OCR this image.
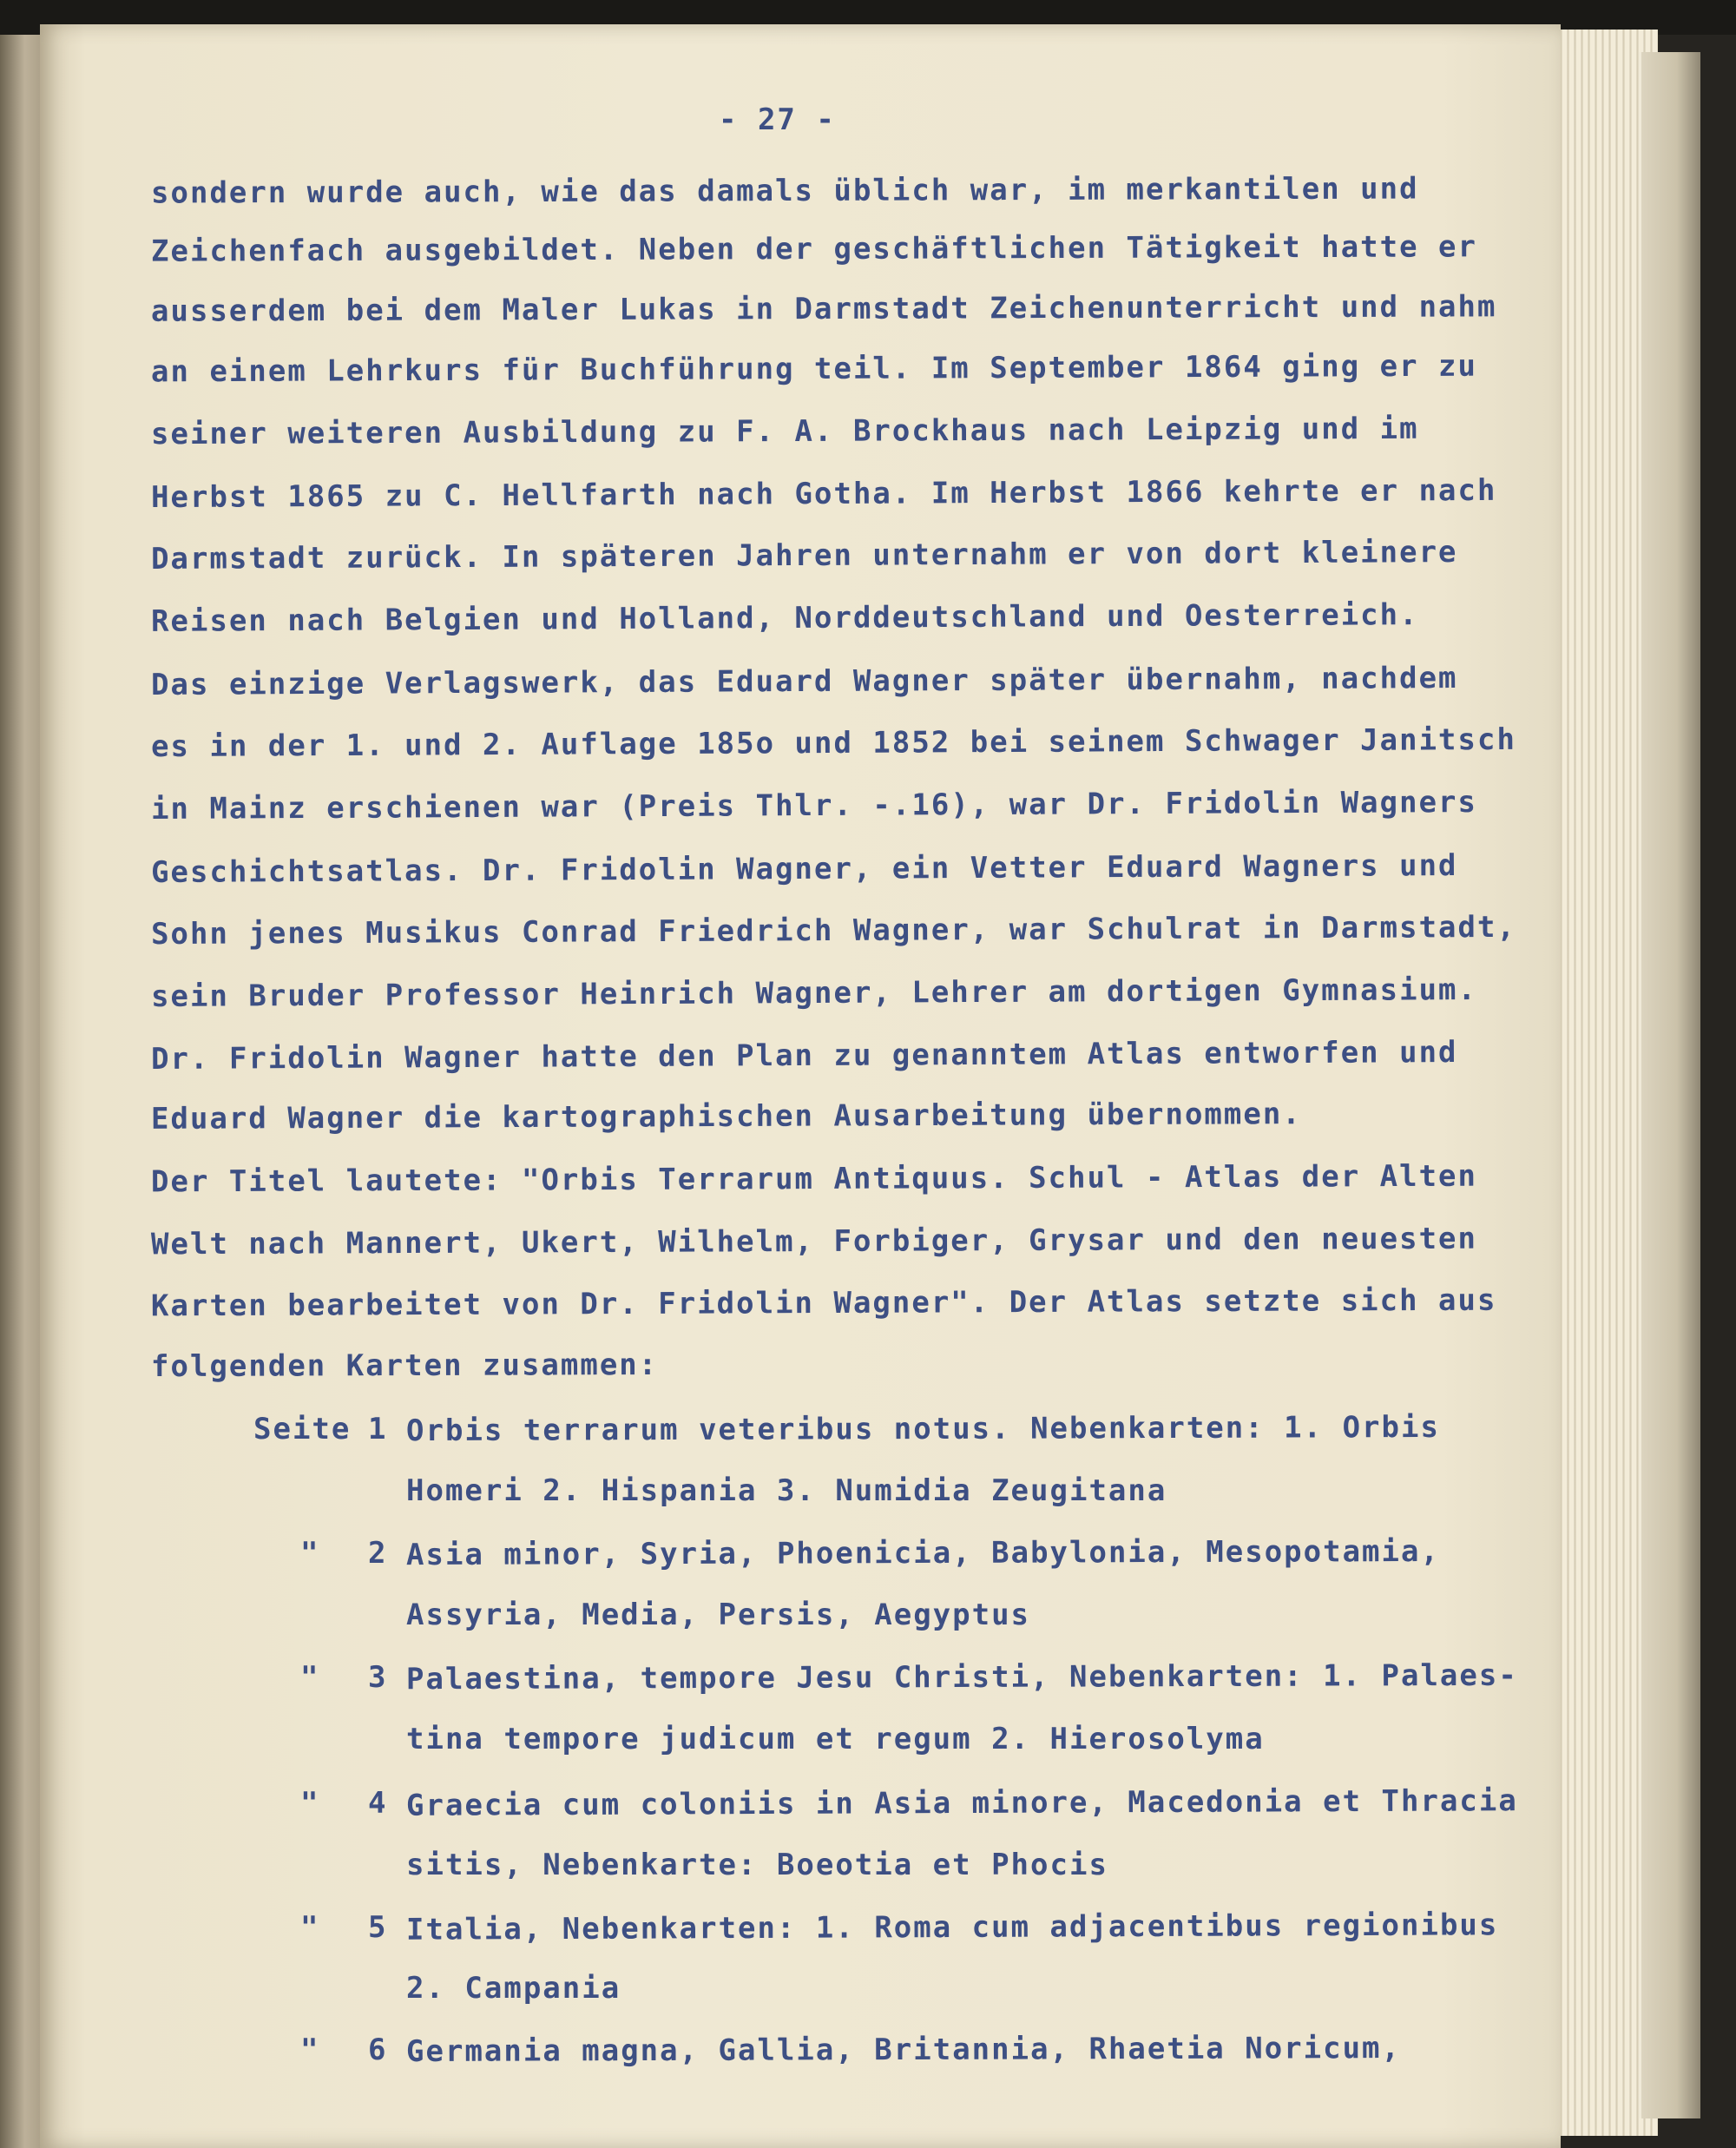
- 27 -
sondern wurde auch, wie das damals üblich war, im merkantilen und
Zeichenfach ausgebildet. Neben der geschäftlichen Tätigkeit hatte er
ausserdem bei dem Maler Lukas in Darmstadt Zeichenunterricht und nahm
an einem Lehrkurs für Buchführung teil. Im September 1864 ging er zu
seiner weiteren Ausbildung zu F. A. Brockhaus nach Leipzig und im
Herbst 1865 zu C. Hellfarth nach Gotha. Im Herbst 1866 kehrte er nach
Darmstadt zurück. In späteren Jahren unternahm er von dort kleinere
Reisen nach Belgien und Holland, Norddeutschland und Oesterreich.
Das einzige Verlagswerk, das Eduard Wagner später übernahm, nachdem
es in der 1. und 2. Auflage 185o und 1852 bei seinem Schwager Janitsch
in Mainz erschienen war (Preis Thlr. -.16), war Dr. Fridolin Wagners
Geschichtsatlas. Dr. Fridolin Wagner, ein Vetter Eduard Wagners und
Sohn jenes Musikus Conrad Friedrich Wagner, war Schulrat in Darmstadt,
sein Bruder Professor Heinrich Wagner, Lehrer am dortigen Gymnasium.
Dr. Fridolin Wagner hatte den Plan zu genanntem Atlas entworfen und
Eduard Wagner die kartographischen Ausarbeitung übernommen.
Der Titel lautete: "Orbis Terrarum Antiquus. Schul - Atlas der Alten
Welt nach Mannert, Ukert, Wilhelm, Forbiger, Grysar und den neuesten
Karten bearbeitet von Dr. Fridolin Wagner". Der Atlas setzte sich aus
folgenden Karten zusammen:
Seite 1 Orbis terrarum veteribus notus. Nebenkarten: 1. Orbis
Homeri 2. Hispania 3. Numidia Zeugitana
" 2 Asia minor, Syria, Phoenicia, Babylonia, Mesopotamia,
Assyria, Media, Persis, Aegyptus
" 3 Palaestina, tempore Jesu Christi, Nebenkarten: 1. Palaes-
tina tempore judicum et regum 2. Hierosolyma
" 4 Graecia cum coloniis in Asia minore, Macedonia et Thracia
sitis, Nebenkarte: Boeotia et Phocis
" 5 Italia, Nebenkarten: 1. Roma cum adjacentibus regionibus
2. Campania
" 6 Germania magna, Gallia, Britannia, Rhaetia Noricum,
